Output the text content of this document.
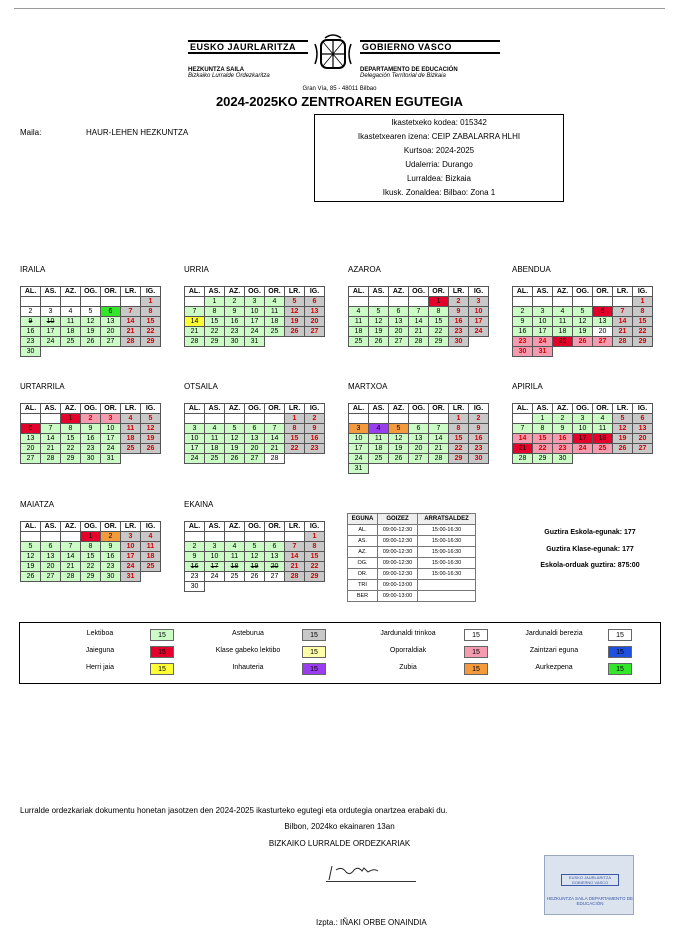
EUSKO JAURLARITZA
HEZKUNTZA SAILA
Bizkaiko Lurralde Ordezkaritza
GOBIERNO VASCO
DEPARTAMENTO DE EDUCACIÓN
Delegación Territorial de Bizkaia
Gran Vía, 85 - 48011 Bilbao
2024-2025KO ZENTROAREN EGUTEGIA
Maila:	HAUR-LEHEN HEZKUNTZA
Ikastetxeko kodea: 015342
Ikastetxearen izena: CEIP ZABALARRA HLHI
Kurtsoa: 2024-2025
Udalerria: Durango
Lurraldea: Bizkaia
Ikusk. Zonaldea: Bilbao: Zona 1
IRAILA
AL.	AS.	AZ.	OG.	OR.	LR.	IG.
						1
2	3	4	5	6	7	8
9	10	11	12	13	14	15
16	17	18	19	20	21	22
23	24	25	26	27	28	29
30						
URRIA
AL.	AS.	AZ.	OG.	OR.	LR.	IG.
	1	2	3	4	5	6
7	8	9	10	11	12	13
14	15	16	17	18	19	20
21	22	23	24	25	26	27
28	29	30	31			
AZAROA
AL.	AS.	AZ.	OG.	OR.	LR.	IG.
				1	2	3
4	5	6	7	8	9	10
11	12	13	14	15	16	17
18	19	20	21	22	23	24
25	26	27	28	29	30	
ABENDUA
AL.	AS.	AZ.	OG.	OR.	LR.	IG.
						1
2	3	4	5	6	7	8
9	10	11	12	13	14	15
16	17	18	19	20	21	22
23	24	25	26	27	28	29
30	31					
URTARRILA
AL.	AS.	AZ.	OG.	OR.	LR.	IG.
		1	2	3	4	5
6	7	8	9	10	11	12
13	14	15	16	17	18	19
20	21	22	23	24	25	26
27	28	29	30	31		
OTSAILA
AL.	AS.	AZ.	OG.	OR.	LR.	IG.
					1	2
3	4	5	6	7	8	9
10	11	12	13	14	15	16
17	18	19	20	21	22	23
24	25	26	27	28		
MARTXOA
AL.	AS.	AZ.	OG.	OR.	LR.	IG.
					1	2
3	4	5	6	7	8	9
10	11	12	13	14	15	16
17	18	19	20	21	22	23
24	25	26	27	28	29	30
31						
APIRILA
AL.	AS.	AZ.	OG.	OR.	LR.	IG.
	1	2	3	4	5	6
7	8	9	10	11	12	13
14	15	16	17	18	19	20
21	22	23	24	25	26	27
28	29	30				
MAIATZA
AL.	AS.	AZ.	OG.	OR.	LR.	IG.
			1	2	3	4
5	6	7	8	9	10	11
12	13	14	15	16	17	18
19	20	21	22	23	24	25
26	27	28	29	30	31	
EKAINA
AL.	AS.	AZ.	OG.	OR.	LR.	IG.
						1
2	3	4	5	6	7	8
9	10	11	12	13	14	15
16	17	18	19	20	21	22
23	24	25	26	27	28	29
30						
EGUNA	GOIZEZ	ARRATSALDEZ
AL.	09:00-12:30	15:00-16:30
AS.	09:00-12:30	15:00-16:30
AZ.	09:00-12:30	15:00-16:30
OG.	09:00-12:30	15:00-16:30
OR.	09:00-12:30	15:00-16:30
TRI	09:00-13:00	
BER	09:00-13:00	
Guztira Eskola-egunak: 177
Guztira Klase-egunak: 177
Eskola-orduak guztira: 875:00
Lektiboa	15	Asteburua	15	Jardunaldi trinkoa	15	Jardunaldi berezia	15
Jaieguna	15	Klase gabeko lektibo	15	Oporraldiak	15	Zaintzari eguna	15
Herri jaia	15	Inhauteria	15	Zubia	15	Aurkezpena	15
Lurralde ordezkariak dokumentu honetan jasotzen den 2024-2025 ikasturteko egutegi eta ordutegia onartzea erabaki du.
Bilbon, 2024ko ekainaren 13an
BIZKAIKO LURRALDE ORDEZKARIAK
EUSKO JAURLARITZA GOBIERNO VASCO
HEZKUNTZA SAILA DEPARTAMENTO DE EDUCACIÓN
Izpta.: IÑAKI ORBE ONAINDIA
